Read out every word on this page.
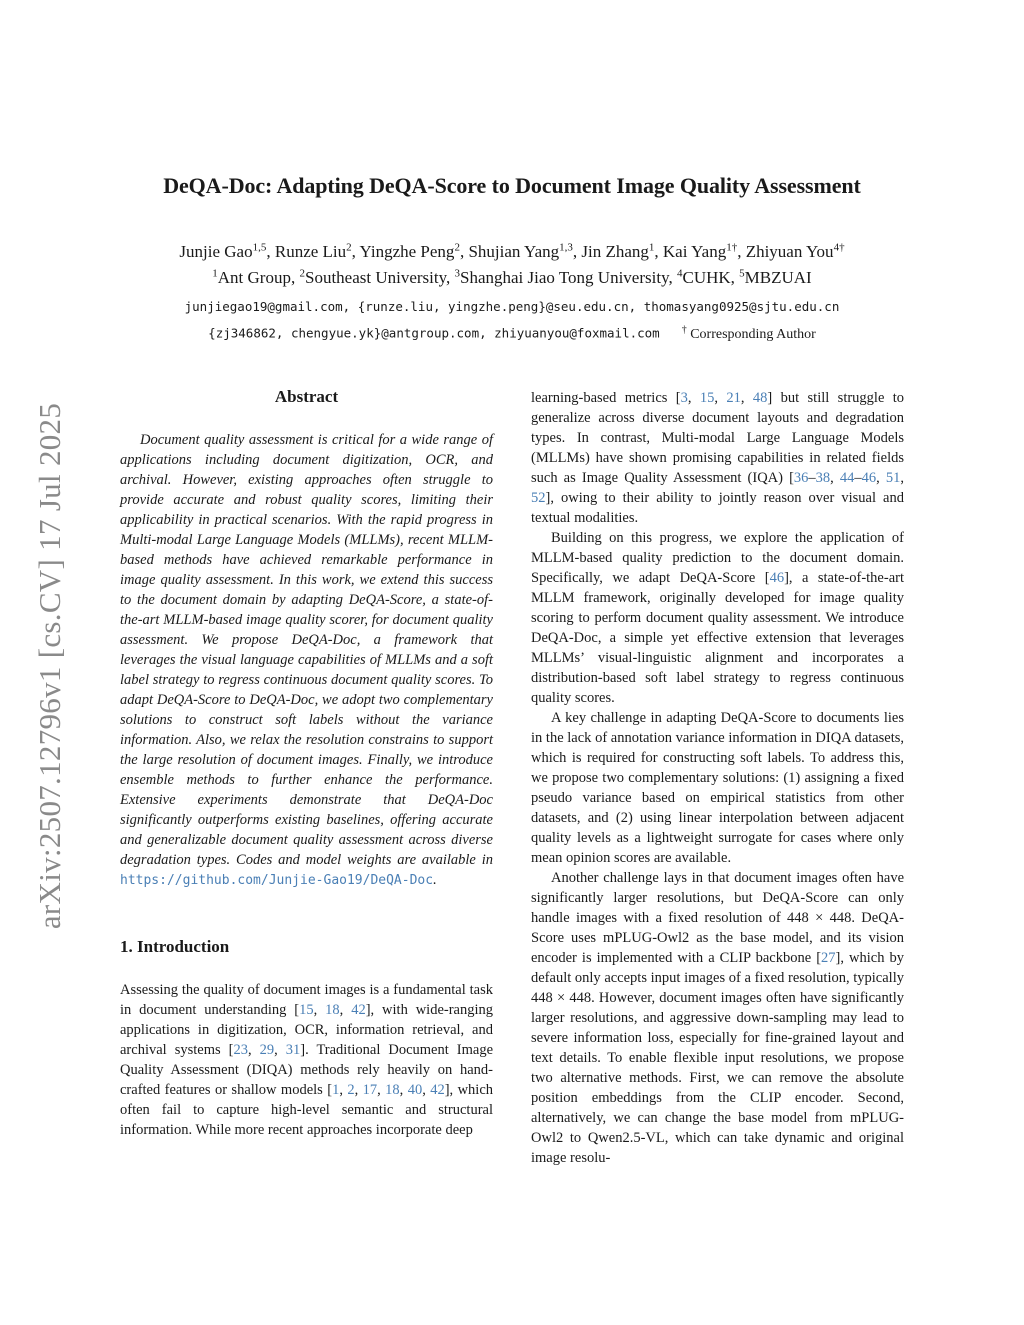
arXiv:2507.12796v1 [cs.CV] 17 Jul 2025
DeQA-Doc: Adapting DeQA-Score to Document Image Quality Assessment
Junjie Gao$^{1,5}$, Runze Liu$^2$, Yingzhe Peng$^2$, Shujian Yang$^{1,3}$, Jin Zhang$^1$, Kai Yang$^{1\dagger}$, Zhiyuan You$^{4\dagger}$
$^1$Ant Group, $^2$Southeast University, $^3$Shanghai Jiao Tong University, $^4$CUHK, $^5$MBZUAI
junjiegao19@gmail.com, {runze.liu, yingzhe.peng}@seu.edu.cn, thomasyang0925@sjtu.edu.cn
{zj346862, chengyue.yk}@antgroup.com, zhiyuanyou@foxmail.com † Corresponding Author
Abstract

Document quality assessment is critical for a wide range of applications including document digitization, OCR, and archival. However, existing approaches often struggle to provide accurate and robust quality scores, limiting their applicability in practical scenarios. With the rapid progress in Multi-modal Large Language Models (MLLMs), recent MLLM-based methods have achieved remarkable performance in image quality assessment. In this work, we extend this success to the document domain by adapting DeQA-Score, a state-of-the-art MLLM-based image quality scorer, for document quality assessment. We propose DeQA-Doc, a framework that leverages the visual language capabilities of MLLMs and a soft label strategy to regress continuous document quality scores. To adapt DeQA-Score to DeQA-Doc, we adopt two complementary solutions to construct soft labels without the variance information. Also, we relax the resolution constrains to support the large resolution of document images. Finally, we introduce ensemble methods to further enhance the performance. Extensive experiments demonstrate that DeQA-Doc significantly outperforms existing baselines, offering accurate and generalizable document quality assessment across diverse degradation types. Codes and model weights are available in https://github.com/Junjie-Gao19/DeQA-Doc.

1. Introduction

Assessing the quality of document images is a fundamental task in document understanding [15, 18, 42], with wide-ranging applications in digitization, OCR, information retrieval, and archival systems [23, 29, 31]. Traditional Document Image Quality Assessment (DIQA) methods rely heavily on hand-crafted features or shallow models [1, 2, 17, 18, 40, 42], which often fail to capture high-level semantic and structural information. While more recent approaches incorporate deep

learning-based metrics [3, 15, 21, 48] but still struggle to generalize across diverse document layouts and degradation types. In contrast, Multi-modal Large Language Models (MLLMs) have shown promising capabilities in related fields such as Image Quality Assessment (IQA) [36–38, 44–46, 51, 52], owing to their ability to jointly reason over visual and textual modalities.

Building on this progress, we explore the application of MLLM-based quality prediction to the document domain. Specifically, we adapt DeQA-Score [46], a state-of-the-art MLLM framework, originally developed for image quality scoring to perform document quality assessment. We introduce DeQA-Doc, a simple yet effective extension that leverages MLLMs’ visual-linguistic alignment and incorporates a distribution-based soft label strategy to regress continuous quality scores.

A key challenge in adapting DeQA-Score to documents lies in the lack of annotation variance information in DIQA datasets, which is required for constructing soft labels. To address this, we propose two complementary solutions: (1) assigning a fixed pseudo variance based on empirical statistics from other datasets, and (2) using linear interpolation between adjacent quality levels as a lightweight surrogate for cases where only mean opinion scores are available.

Another challenge lays in that document images often have significantly larger resolutions, but DeQA-Score can only handle images with a fixed resolution of 448 × 448. DeQA-Score uses mPLUG-Owl2 as the base model, and its vision encoder is implemented with a CLIP backbone [27], which by default only accepts input images of a fixed resolution, typically 448 × 448. However, document images often have significantly larger resolutions, and aggressive down-sampling may lead to severe information loss, especially for fine-grained layout and text details. To enable flexible input resolutions, we propose two alternative methods. First, we can remove the absolute position embeddings from the CLIP encoder. Second, alternatively, we can change the base model from mPLUG-Owl2 to Qwen2.5-VL, which can take dynamic and original image resolu-
